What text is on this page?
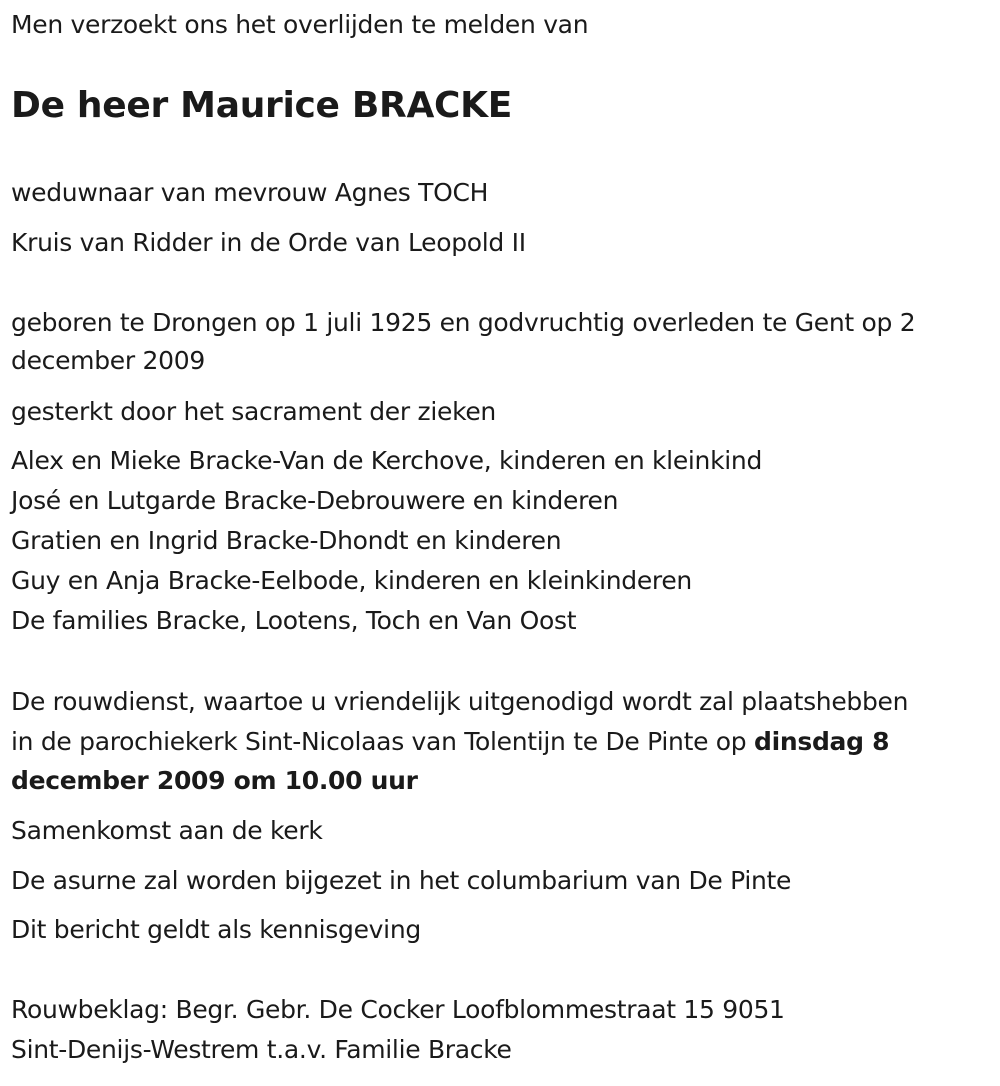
Men verzoekt ons het overlijden te melden van
De heer Maurice BRACKE
weduwnaar van mevrouw Agnes TOCH
Kruis van Ridder in de Orde van Leopold II
geboren te Drongen op 1 juli 1925 en godvruchtig overleden te Gent op 2
december 2009
gesterkt door het sacrament der zieken
Alex en Mieke Bracke-Van de Kerchove, kinderen en kleinkind
José en Lutgarde Bracke-Debrouwere en kinderen
Gratien en Ingrid Bracke-Dhondt en kinderen
Guy en Anja Bracke-Eelbode, kinderen en kleinkinderen
De families Bracke, Lootens, Toch en Van Oost
De rouwdienst, waartoe u vriendelijk uitgenodigd wordt zal plaatshebben
in de parochiekerk Sint-Nicolaas van Tolentijn te De Pinte op dinsdag 8
december 2009 om 10.00 uur
Samenkomst aan de kerk
De asurne zal worden bijgezet in het columbarium van De Pinte
Dit bericht geldt als kennisgeving
Rouwbeklag: Begr. Gebr. De Cocker Loofblommestraat 15 9051
Sint-Denijs-Westrem t.a.v. Familie Bracke
